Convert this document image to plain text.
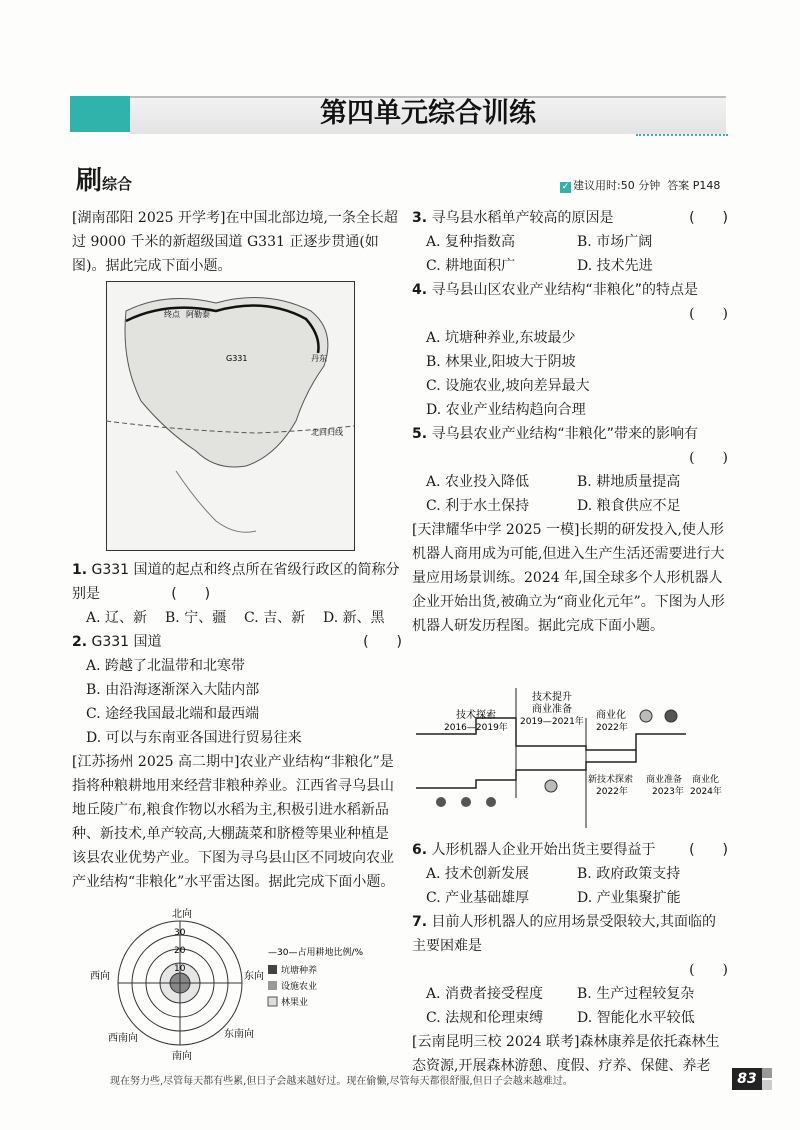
第四单元综合训练
刷综合	✓ 建议用时:50 分钟 答案 P148

[湖南邵阳 2025 开学考]在中国北部边境,一条全长超过 9000 千米的新超级国道 G331 正逐步贯通(如图)。据此完成下面小题。

终点 阿勒泰
G331	丹东
北回归线

1. G331 国道的起点和终点所在省级行政区的简称分别是	(　　)

A. 辽、新	B. 宁、疆	C. 吉、新	D. 新、黑

2. G331 国道	(　　)

A. 跨越了北温带和北寒带
B. 由沿海逐渐深入大陆内部
C. 途经我国最北端和最西端
D. 可以与东南亚各国进行贸易往来

[江苏扬州 2025 高二期中]农业产业结构“非粮化”是指将种粮耕地用来经营非粮种养业。江西省寻乌县山地丘陵广布,粮食作物以水稻为主,积极引进水稻新品种、新技术,单产较高,大棚蔬菜和脐橙等果业种植是该县农业优势产业。下图为寻乌县山区不同坡向农业产业结构“非粮化”水平雷达图。据此完成下面小题。

北向
南向
东向
西向
西南向	东南向
30
20
10
—30—占用耕地比例/%
坑塘种养
设施农业
林果业

3. 寻乌县水稻单产较高的原因是	(　　)

A. 复种指数高	B. 市场广阔
C. 耕地面积广	D. 技术先进

4. 寻乌县山区农业产业结构“非粮化”的特点是

(　　)
A. 坑塘种养业,东坡最少
B. 林果业,阳坡大于阴坡
C. 设施农业,坡向差异最大
D. 农业产业结构趋向合理

5. 寻乌县农业产业结构“非粮化”带来的影响有

(　　)
A. 农业投入降低	B. 耕地质量提高
C. 利于水土保持	D. 粮食供应不足

[天津耀华中学 2025 一模]长期的研发投入,使人形机器人商用成为可能,但进入生产生活还需要进行大量应用场景训练。2024 年,国全球多个人形机器人企业开始出货,被确立为“商业化元年”。下图为人形机器人研发历程图。据此完成下面小题。

技术探索
2016—2019年
技术提升
商业准备
2019—2021年
商业化
2022年
新技术探索
2022年
商业准备
2023年
商业化
2024年

6. 人形机器人企业开始出货主要得益于 (　　)

A. 技术创新发展	B. 政府政策支持
C. 产业基础雄厚	D. 产业集聚扩能

7. 目前人形机器人的应用场景受限较大,其面临的主要困难是

(　　)
A. 消费者接受程度	B. 生产过程较复杂
C. 法规和伦理束缚	D. 智能化水平较低

[云南昆明三校 2024 联考]森林康养是依托森林生态资源,开展森林游憩、度假、疗养、保健、养老

现在努力些,尽管每天都有些累,但日子会越来越好过。现在偷懒,尽管每天都很舒服,但日子会越来越难过。	83
